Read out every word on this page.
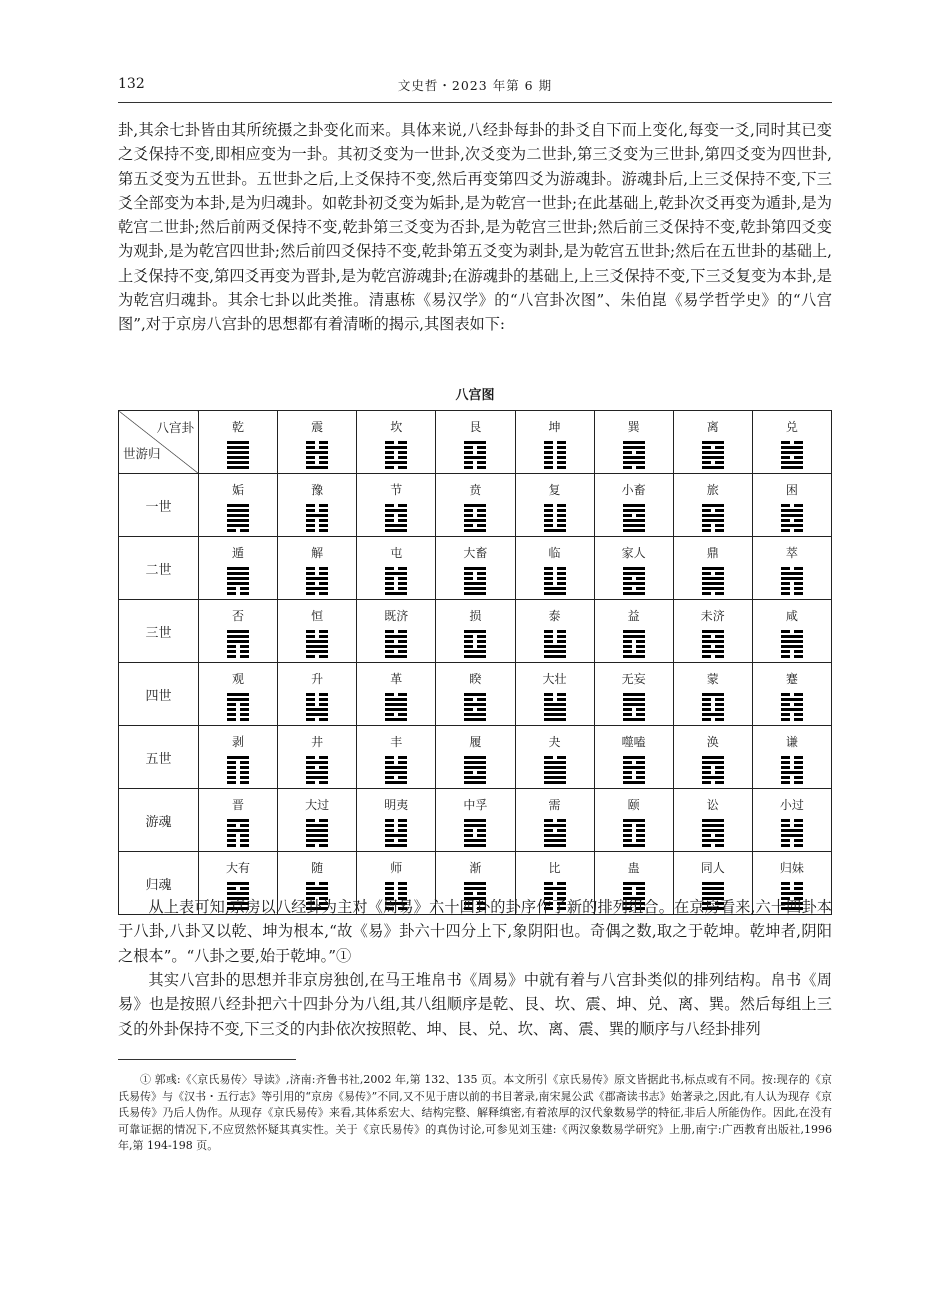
132	文史哲・2023 年第 6 期

卦,其余七卦皆由其所统摄之卦变化而来。具体来说,八经卦每卦的卦爻自下而上变化,每变一爻,同时其已变之爻保持不变,即相应变为一卦。其初爻变为一世卦,次爻变为二世卦,第三爻变为三世卦,第四爻变为四世卦,第五爻变为五世卦。五世卦之后,上爻保持不变,然后再变第四爻为游魂卦。游魂卦后,上三爻保持不变,下三爻全部变为本卦,是为归魂卦。如乾卦初爻变为姤卦,是为乾宫一世卦;在此基础上,乾卦次爻再变为遁卦,是为乾宫二世卦;然后前两爻保持不变,乾卦第三爻变为否卦,是为乾宫三世卦;然后前三爻保持不变,乾卦第四爻变为观卦,是为乾宫四世卦;然后前四爻保持不变,乾卦第五爻变为剥卦,是为乾宫五世卦;然后在五世卦的基础上,上爻保持不变,第四爻再变为晋卦,是为乾宫游魂卦;在游魂卦的基础上,上三爻保持不变,下三爻复变为本卦,是为乾宫归魂卦。其余七卦以此类推。清惠栋《易汉学》的“八宫卦次图”、朱伯崑《易学哲学史》的“八宫图”,对于京房八宫卦的思想都有着清晰的揭示,其图表如下:

八宫图
八宫卦
世游归	乾	震	坎	艮	坤	巽	离	兑

一世	姤	豫	节	贲	复	小畜	旅	困

二世	遁	解	屯	大畜	临	家人	鼎	萃

三世	否	恒	既济	损	泰	益	未济	咸

四世	观	升	革	睽	大壮	无妄	蒙	蹇

五世	剥	井	丰	履	夬	噬嗑	涣	谦

游魂	晋	大过	明夷	中孚	需	颐	讼	小过

归魂	大有	随	师	渐	比	蛊	同人	归妹

从上表可知,京房以八经卦为主对《周易》六十四卦的卦序作了新的排列组合。在京房看来,六十四卦本于八卦,八卦又以乾、坤为根本,“故《易》卦六十四分上下,象阴阳也。奇偶之数,取之于乾坤。乾坤者,阴阳之根本”。“八卦之要,始于乾坤。”①

其实八宫卦的思想并非京房独创,在马王堆帛书《周易》中就有着与八宫卦类似的排列结构。帛书《周易》也是按照八经卦把六十四卦分为八组,其八组顺序是乾、艮、坎、震、坤、兑、离、巽。然后每组上三爻的外卦保持不变,下三爻的内卦依次按照乾、坤、艮、兑、坎、离、震、巽的顺序与八经卦排列

① 郭彧:《〈京氏易传〉导读》,济南:齐鲁书社,2002 年,第 132、135 页。本文所引《京氏易传》原文皆据此书,标点或有不同。按:现存的《京氏易传》与《汉书・五行志》等引用的“京房《易传》”不同,又不见于唐以前的书目著录,南宋晁公武《郡斋读书志》始著录之,因此,有人认为现存《京氏易传》乃后人伪作。从现存《京氏易传》来看,其体系宏大、结构完整、解释缜密,有着浓厚的汉代象数易学的特征,非后人所能伪作。因此,在没有可靠证据的情况下,不应贸然怀疑其真实性。关于《京氏易传》的真伪讨论,可参见刘玉建:《两汉象数易学研究》上册,南宁:广西教育出版社,1996 年,第 194-198 页。
